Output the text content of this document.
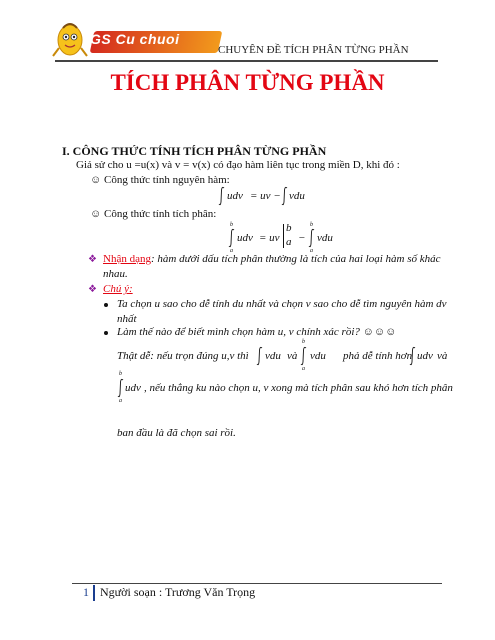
GS Cu chuoi
CHUYÊN ĐỀ TÍCH PHÂN TỪNG PHẦN
TÍCH PHÂN TỪNG PHẦN
I. CÔNG THỨC TÍNH TÍCH PHÂN TỪNG PHẦN
Giả sử cho u =u(x) và v = v(x) có đạo hàm liên tục trong miền D, khi đó :
☺ Công thức tính nguyên hàm:
udv = uv − vdu
☺ Công thức tính tích phân:
b
a
udv = uv
b
a −
b
a
vdu
❖ Nhận dạng: hàm dưới dấu tích phân thường là tích của hai loại hàm số khác
nhau.
❖ Chú ý:
Ta chọn u sao cho dễ tính du nhất và chọn v sao cho dễ tìm nguyên hàm dv
nhất
Làm thế nào để biết mình chọn hàm u, v chính xác rồi? ☺☺☺
Thật dễ: nếu trọn đúng u,v thì vdu và
b
a
vdu phả dễ tính hơn udv và
b
a
udv , nếu thẳng ku nào chọn u, v xong mà tích phân sau khó hơn tích phân
ban đầu là đã chọn sai rồi.
1 Người soạn : Trương Văn Trọng
